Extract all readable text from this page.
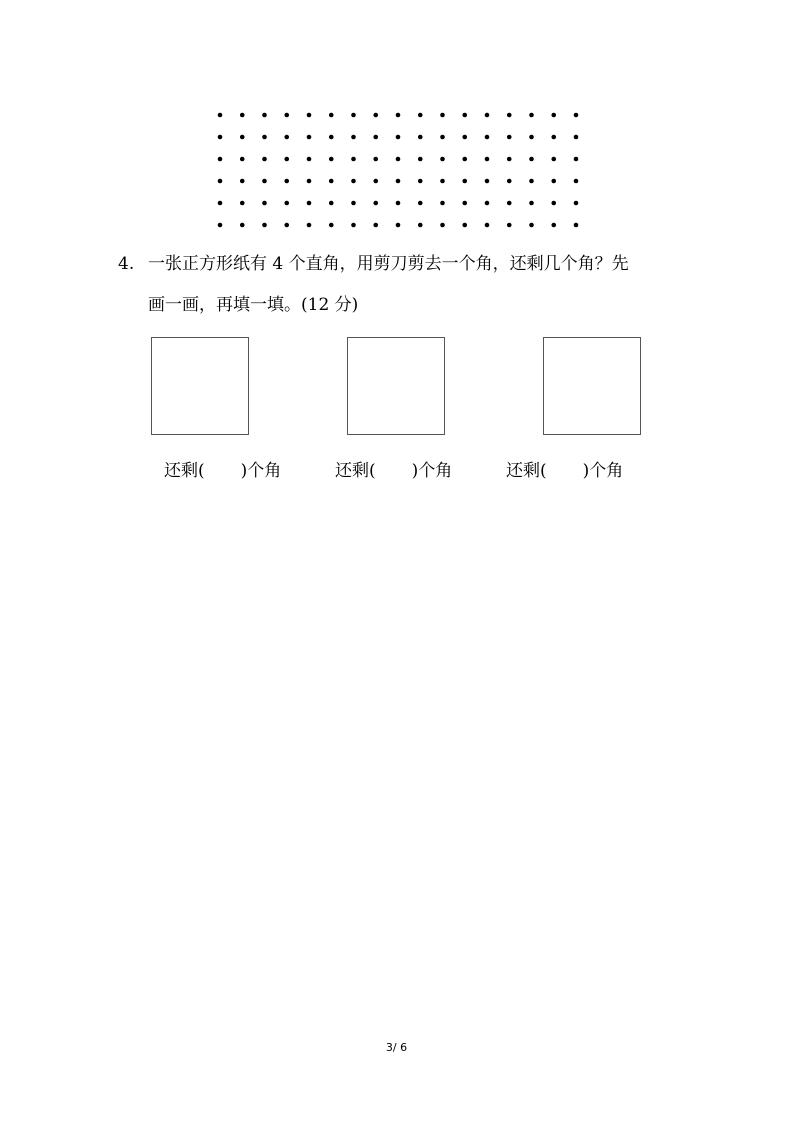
4. 一张正方形纸有 4 个直角，用剪刀剪去一个角，还剩几个角？先
画一画，再填一填。(12 分)
还剩( )个角	还剩( )个角	还剩( )个角
3/ 6
